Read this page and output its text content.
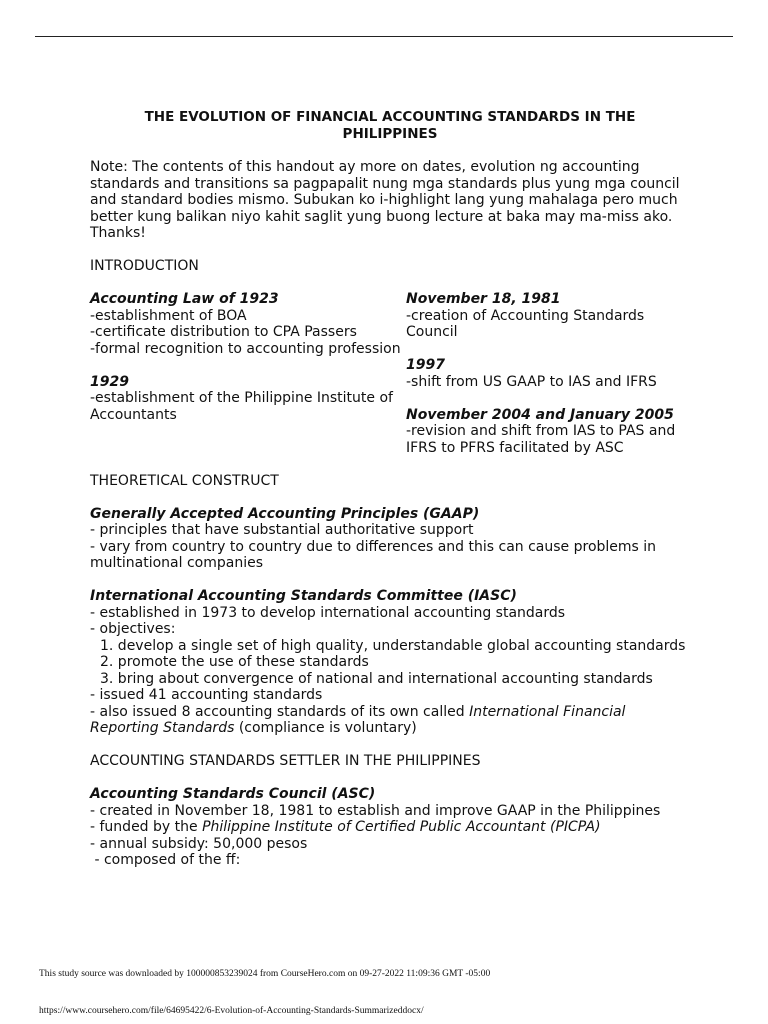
THE EVOLUTION OF FINANCIAL ACCOUNTING STANDARDS IN THE PHILIPPINES

Note: The contents of this handout ay more on dates, evolution ng accounting standards and transitions sa pagpapalit nung mga standards plus yung mga council and standard bodies mismo. Subukan ko i-highlight lang yung mahalaga pero much better kung balikan niyo kahit saglit yung buong lecture at baka may ma-miss ako. Thanks!

INTRODUCTION
Accounting Law of 1923
-establishment of BOA
-certificate distribution to CPA Passers
-formal recognition to accounting profession
1929
-establishment of the Philippine Institute of Accountants
November 18, 1981
-creation of Accounting Standards Council
1997
-shift from US GAAP to IAS and IFRS
November 2004 and January 2005
-revision and shift from IAS to PAS and IFRS to PFRS facilitated by ASC
THEORETICAL CONSTRUCT
Generally Accepted Accounting Principles (GAAP)
- principles that have substantial authoritative support
- vary from country to country due to differences and this can cause problems in multinational companies
International Accounting Standards Committee (IASC)
- established in 1973 to develop international accounting standards
- objectives:
1. develop a single set of high quality, understandable global accounting standards
2. promote the use of these standards
3. bring about convergence of national and international accounting standards
- issued 41 accounting standards
- also issued 8 accounting standards of its own called International Financial Reporting Standards (compliance is voluntary)
ACCOUNTING STANDARDS SETTLER IN THE PHILIPPINES
Accounting Standards Council (ASC)
- created in November 18, 1981 to establish and improve GAAP in the Philippines
- funded by the Philippine Institute of Certified Public Accountant (PICPA)
- annual subsidy: 50,000 pesos
- composed of the ff:
This study source was downloaded by 100000853239024 from CourseHero.com on 09-27-2022 11:09:36 GMT -05:00
https://www.coursehero.com/file/64695422/6-Evolution-of-Accounting-Standards-Summarizeddocx/
